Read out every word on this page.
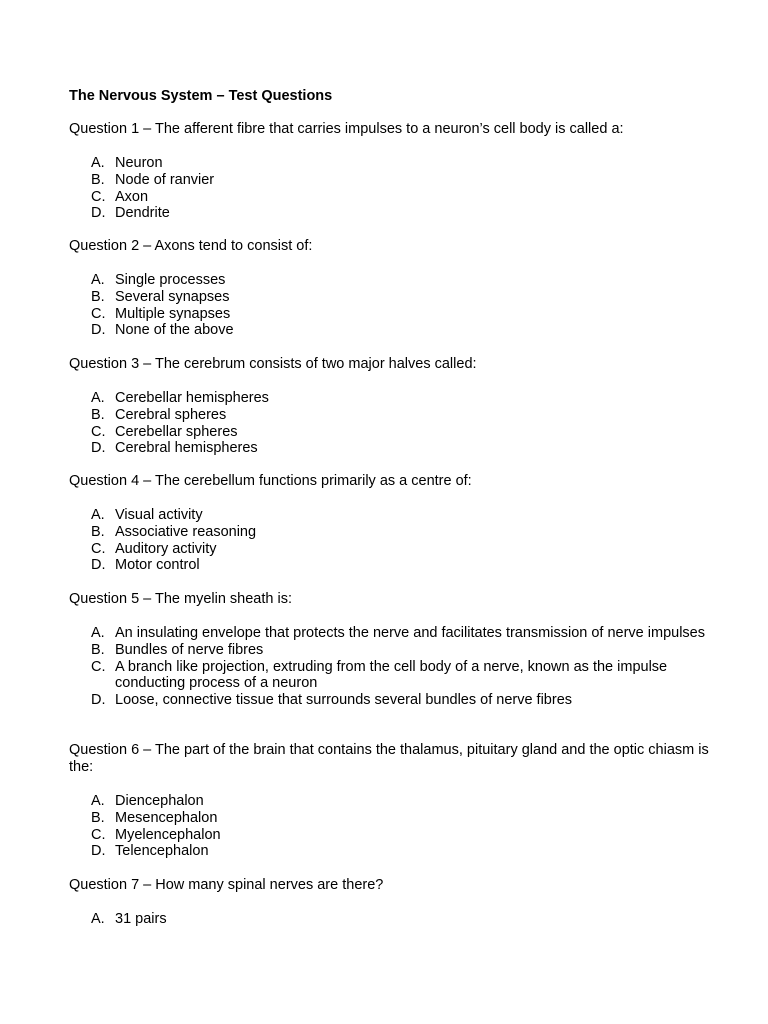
The Nervous System – Test Questions

Question 1 – The afferent fibre that carries impulses to a neuron’s cell body is called a:

A. Neuron
B. Node of ranvier
C. Axon
D. Dendrite

Question 2 – Axons tend to consist of:

A. Single processes
B. Several synapses
C. Multiple synapses
D. None of the above

Question 3 – The cerebrum consists of two major halves called:

A. Cerebellar hemispheres
B. Cerebral spheres
C. Cerebellar spheres
D. Cerebral hemispheres

Question 4 – The cerebellum functions primarily as a centre of:

A. Visual activity
B. Associative reasoning
C. Auditory activity
D. Motor control

Question 5 – The myelin sheath is:

A. An insulating envelope that protects the nerve and facilitates transmission of nerve impulses
B. Bundles of nerve fibres
C. A branch like projection, extruding from the cell body of a nerve, known as the impulse conducting process of a neuron
D. Loose, connective tissue that surrounds several bundles of nerve fibres

Question 6 – The part of the brain that contains the thalamus, pituitary gland and the optic chiasm is the:

A. Diencephalon
B. Mesencephalon
C. Myelencephalon
D. Telencephalon

Question 7 – How many spinal nerves are there?

A. 31 pairs
